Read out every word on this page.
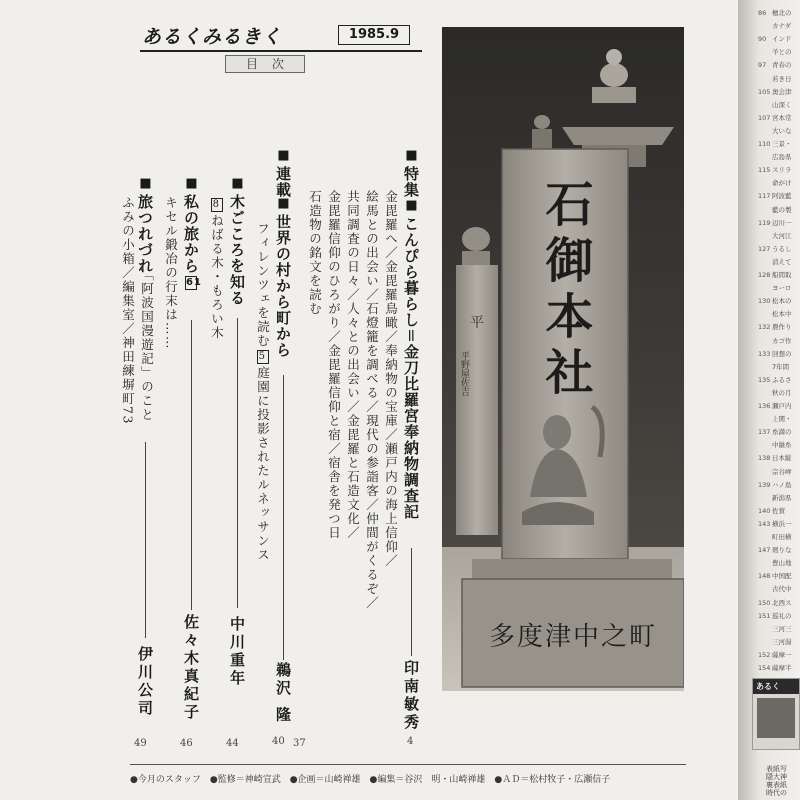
あるくみるきく	1985.9
目次
■特集■こんぴら暮らし＝金刀比羅宮奉納物調査記
金毘羅へ／金毘羅鳥瞰／奉納物の宝庫／瀬戸内の海上信仰／
絵馬との出会い／石燈籠を調べる／現代の参詣客／仲間がくるぞ／
共同調査の日々／人々との出会い／金毘羅と石造文化／
金毘羅信仰のひろがり／金毘羅信仰と宿／宿舎を発つ日
石造物の銘文を読む
印南敏秀
4
■連載
■世界の村から町から
フィレンツェを読む5庭園に投影されたルネッサンス
鵜沢 隆
40 37
■木ごころを知る
8ねばる木・もろい木
中川重年
44
■私の旅から61
キセル鍛冶の行末は……
佐々木真紀子
46
■旅つれづれ
「阿波国漫遊記」のこと
ふみの小箱／編集室／神田練塀町73
伊川公司
49
平
平野屋佐吉 石御本社
町之中津度多
●今月のスタッフ　●監修＝神崎宣武　●企画＝山崎禅雄　●編集＝谷沢　明・山崎禅雄　●ＡＤ＝松村牧子・広瀬信子
86 檀北の
カナダ
90 インド
羊との
97 青春の
若き日
105 奥会津
山深く
107 宮本常
大いな
110 三景・
広島県
115 スリラ
命がけ
117 阿波藍
藍の製
119 辺川一
大河江
127 うるし
消えて
128 船間取
ヨーロ
130 松本の
松本中
132 農作り
カゴ作
133 回想の
7年間
135 ふるさ
秋の月
136 瀬戸内
上関・
137 糸満の
中継糸
138 日本縦
宗谷岬
139 ハノ島
新潟県
140 佐賀
143 横浜一
町田横
147 廻りな
豊山地
148 中国配
古代中
150 北西ス
151 巡礼の
三河三
三河湯
152 薩摩一
154 薩摩半
あるく
表紙写
隠大神
裏表紙
時代の
